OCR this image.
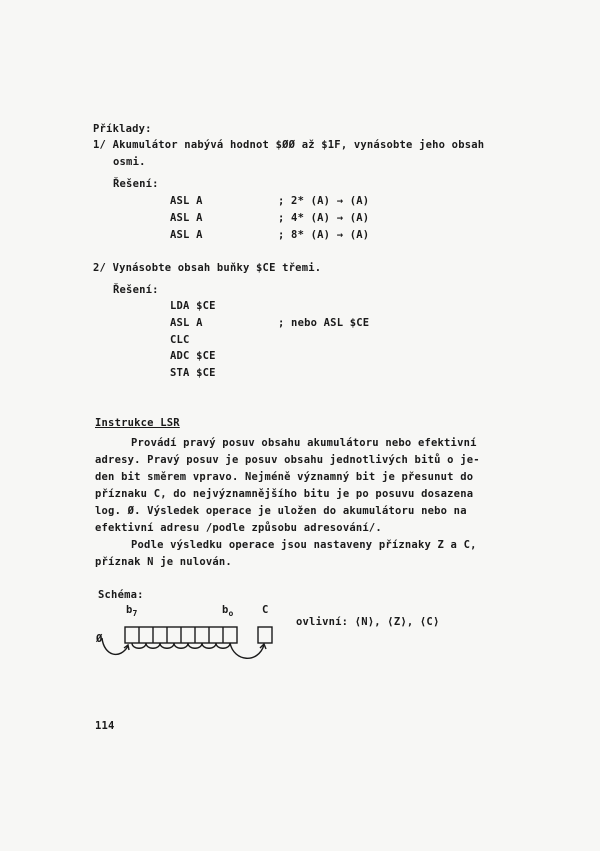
Příklady:
1/ Akumulátor nabývá hodnot $ØØ až $1F, vynásobte jeho obsah
osmi.
Řešení:
ASL A	; 2* (A) → (A)
ASL A	; 4* (A) → (A)
ASL A	; 8* (A) → (A)
2/ Vynásobte obsah buňky $CE třemi.
Řešení:
LDA $CE
ASL A	; nebo ASL $CE
CLC
ADC $CE
STA $CE
Instrukce LSR
Provádí pravý posuv obsahu akumulátoru nebo efektivní
adresy. Pravý posuv je posuv obsahu jednotlivých bitů o je-
den bit směrem vpravo. Nejméně významný bit je přesunut do
příznaku C, do nejvýznamnějšího bitu je po posuvu dosazena
log. Ø. Výsledek operace je uložen do akumulátoru nebo na
efektivní adresu /podle způsobu adresování/.
Podle výsledku operace jsou nastaveny příznaky Z a C,
příznak N je nulován.
Schéma:
$b_7$	$b_o$	C
Ø
ovlivní: ⟨N⟩, ⟨Z⟩, ⟨C⟩
114
